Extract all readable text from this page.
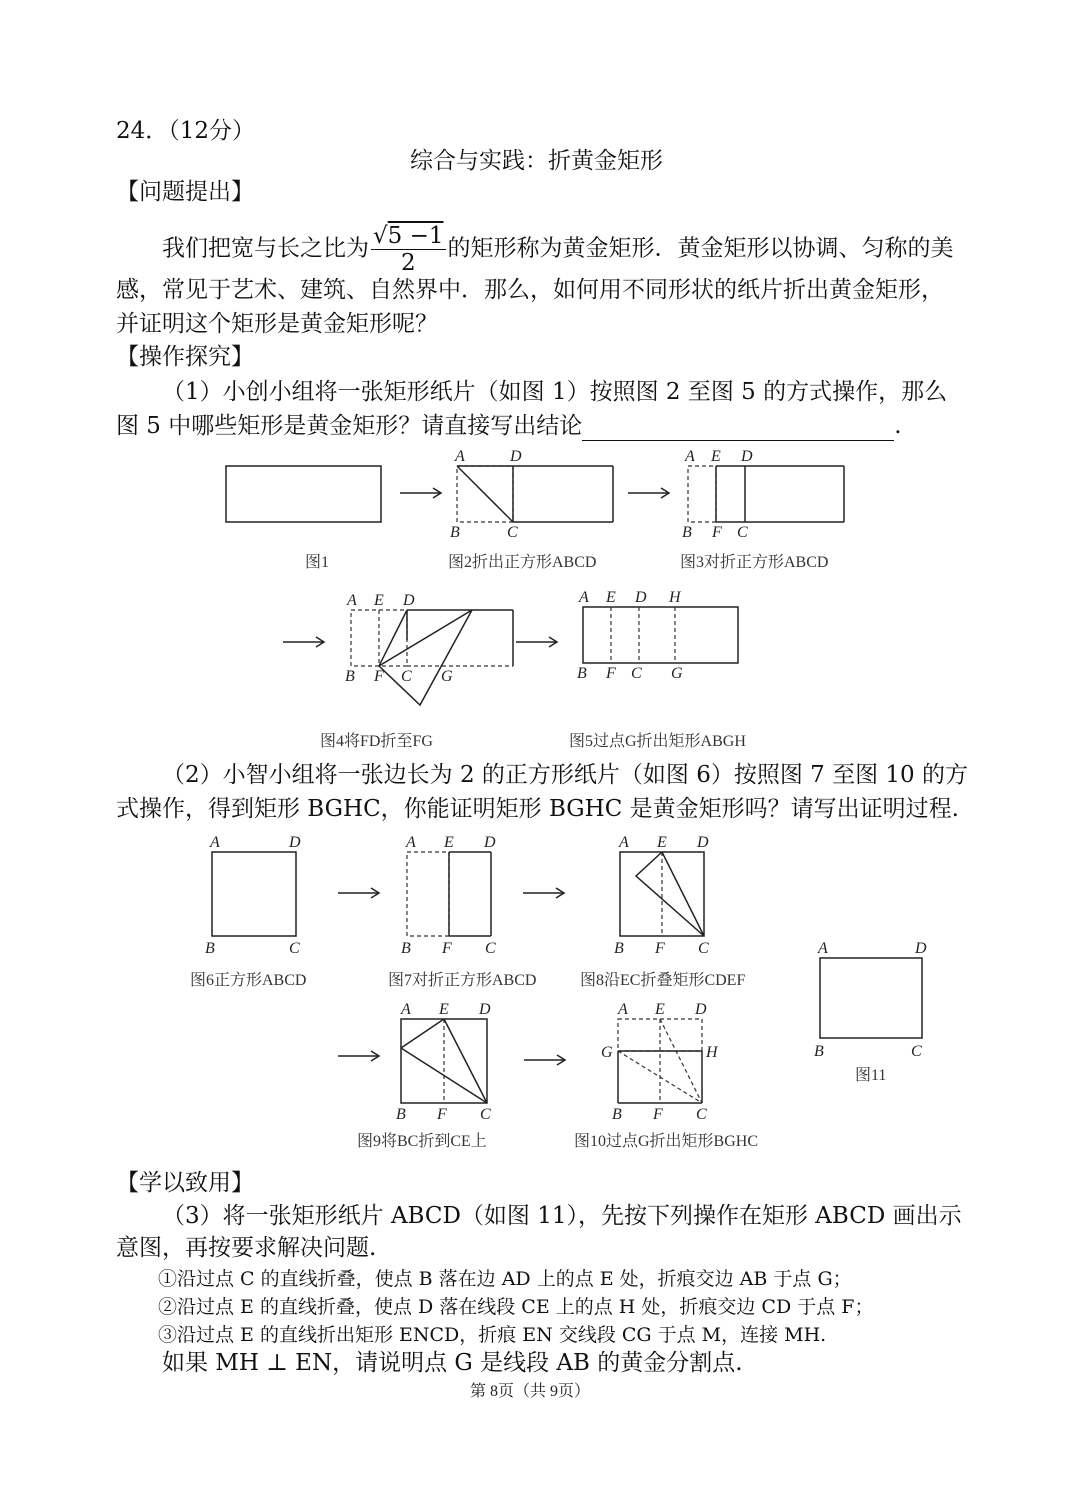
24．（12分）
综合与实践：折黄金矩形
【问题提出】
我们把宽与长之比为 $\frac{√5 -1}{2}$ 的矩形称为黄金矩形．黄金矩形以协调、匀称的美
感，常见于艺术、建筑、自然界中．那么，如何用不同形状的纸片折出黄金矩形，
并证明这个矩形是黄金矩形呢？
【操作探究】
（1）小创小组将一张矩形纸片（如图 1）按照图 2 至图 5 的方式操作，那么
图 5 中哪些矩形是黄金矩形？请直接写出结论	.
A	D
B	C
A E D
B F C
A E D
B F C G
A E D H
B F C G
图1	图2折出正方形ABCD	图3对折正方形ABCD
图4将FD折至FG	图5过点G折出矩形ABGH
（2）小智小组将一张边长为 2 的正方形纸片（如图 6）按照图 7 至图 10 的方
式操作，得到矩形 BGHC，你能证明矩形 BGHC 是黄金矩形吗？请写出证明过程.
A	D
B	C
A E D
B F C
A E D
B F C	A	D
B	C
A E D
B F C
A E D
G	H
B F C
图6正方形ABCD	图7对折正方形ABCD	图8沿EC折叠矩形CDEF
图11
图9将BC折到CE上	图10过点G折出矩形BGHC
【学以致用】
（3）将一张矩形纸片 ABCD（如图 11），先按下列操作在矩形 ABCD 画出示
意图，再按要求解决问题.
①沿过点 C 的直线折叠，使点 B 落在边 AD 上的点 E 处，折痕交边 AB 于点 G；
②沿过点 E 的直线折叠，使点 D 落在线段 CE 上的点 H 处，折痕交边 CD 于点 F；
③沿过点 E 的直线折出矩形 ENCD，折痕 EN 交线段 CG 于点 M，连接 MH.
如果 MH ⊥ EN，请说明点 G 是线段 AB 的黄金分割点.
第 8页（共 9页）
